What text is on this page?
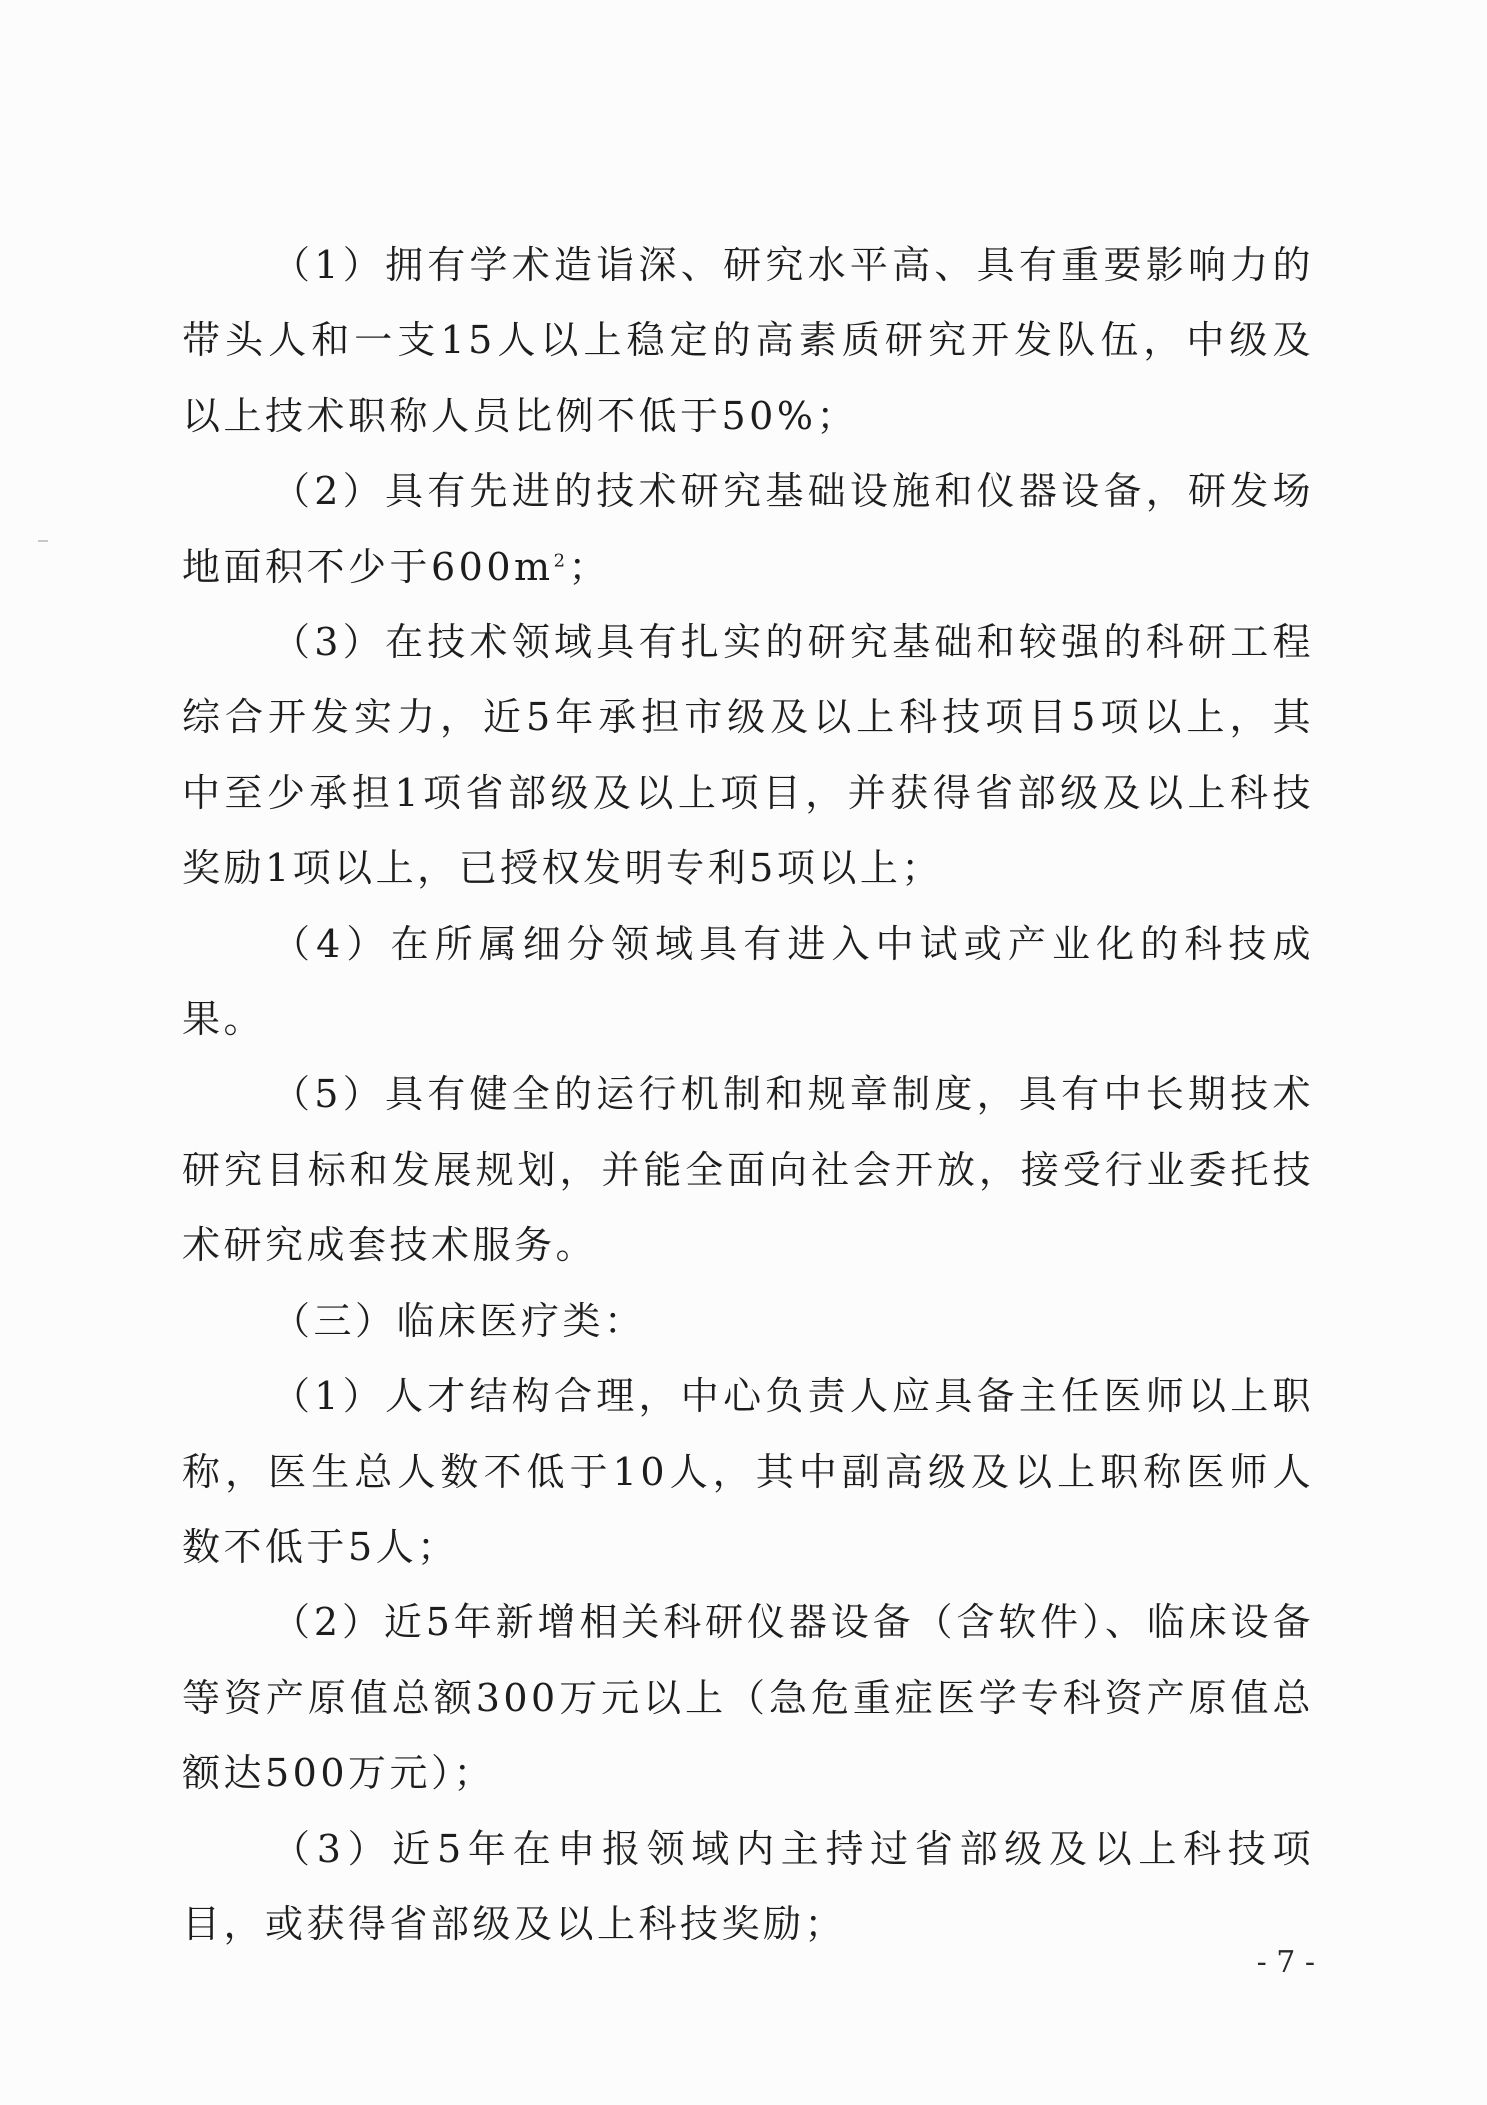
（1）拥有学术造诣深、研究水平高、具有重要影响力的带头人和一支15人以上稳定的高素质研究开发队伍，中级及以上技术职称人员比例不低于50%；

（2）具有先进的技术研究基础设施和仪器设备，研发场地面积不少于$600m^2$；

（3）在技术领域具有扎实的研究基础和较强的科研工程综合开发实力，近5年承担市级及以上科技项目5项以上，其中至少承担1项省部级及以上项目，并获得省部级及以上科技奖励1项以上，已授权发明专利5项以上；

（4）在所属细分领域具有进入中试或产业化的科技成果。

（5）具有健全的运行机制和规章制度，具有中长期技术研究目标和发展规划，并能全面向社会开放，接受行业委托技术研究成套技术服务。

（三）临床医疗类：

（1）人才结构合理，中心负责人应具备主任医师以上职称，医生总人数不低于10人，其中副高级及以上职称医师人数不低于5人；

（2）近5年新增相关科研仪器设备（含软件）、临床设备等资产原值总额300万元以上（急危重症医学专科资产原值总额达500万元）；

（3）近5年在申报领域内主持过省部级及以上科技项目，或获得省部级及以上科技奖励；

- 7 -
